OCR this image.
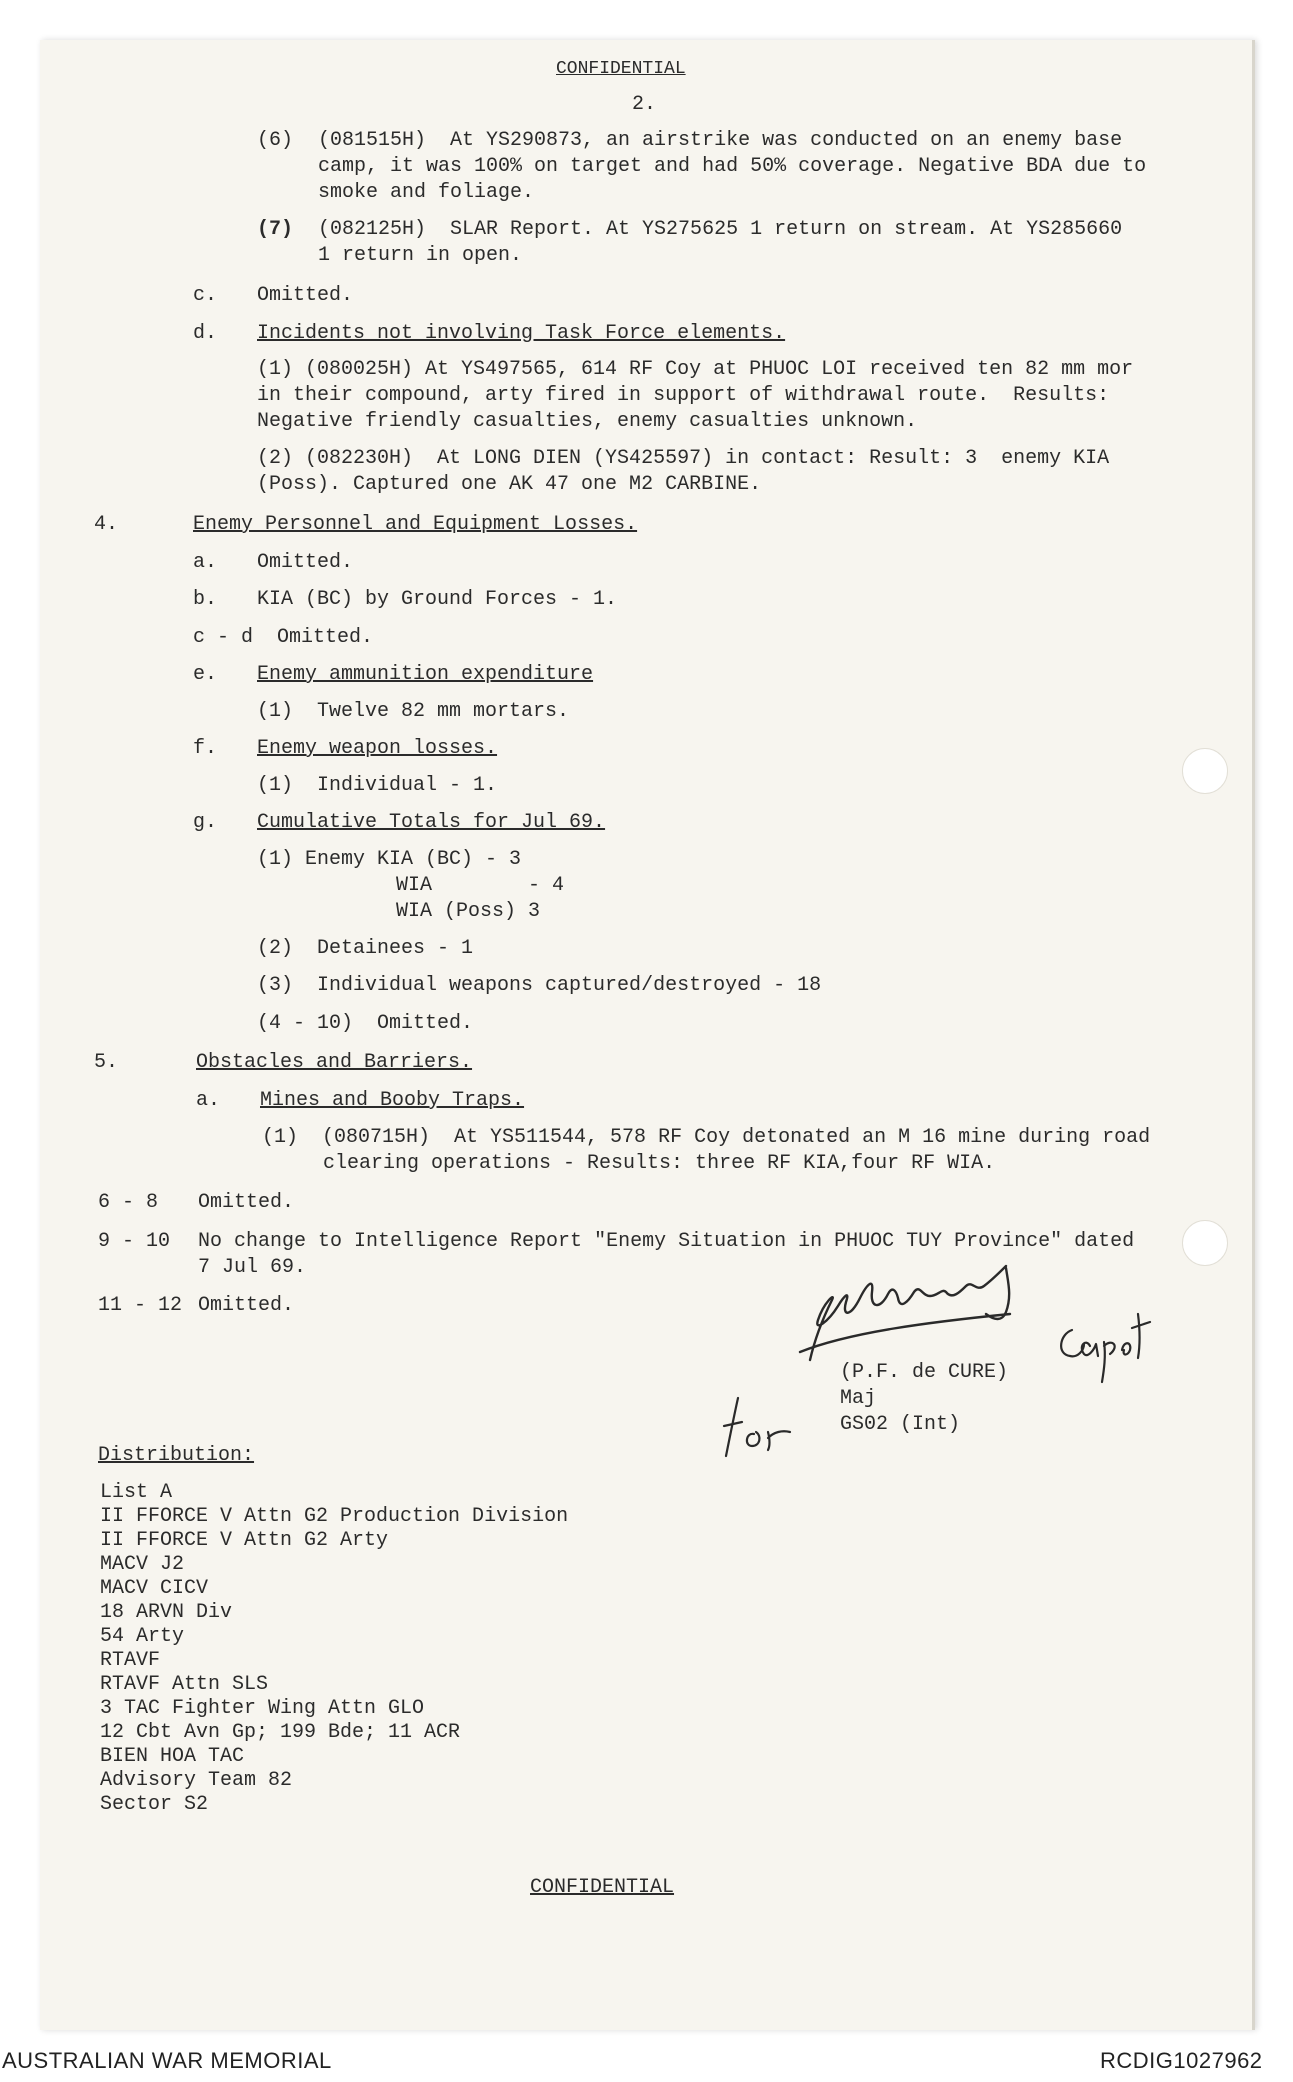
CONFIDENTIAL
2.
(6) (081515H)  At YS290873, an airstrike was conducted on an enemy base
camp, it was 100% on target and had 50% coverage. Negative BDA due to
smoke and foliage.
(7) (082125H)  SLAR Report. At YS275625 1 return on stream. At YS285660
1 return in open.
c. Omitted.
d. Incidents not involving Task Force elements.
(1) (080025H) At YS497565, 614 RF Coy at PHUOC LOI received ten 82 mm mor
in their compound, arty fired in support of withdrawal route.  Results:
Negative friendly casualties, enemy casualties unknown.
(2) (082230H)  At LONG DIEN (YS425597) in contact: Result: 3  enemy KIA
(Poss). Captured one AK 47 one M2 CARBINE.
4.	Enemy Personnel and Equipment Losses.
a. Omitted.
b. KIA (BC) by Ground Forces - 1.
c - d  Omitted.
e. Enemy ammunition expenditure
(1)  Twelve 82 mm mortars.
f. Enemy weapon losses.
(1)  Individual - 1.
g. Cumulative Totals for Jul 69.
(1) Enemy KIA (BC) - 3
WIA        - 4
WIA (Poss) 3
(2)  Detainees - 1
(3)  Individual weapons captured/destroyed - 18
(4 - 10)  Omitted.
5.	Obstacles and Barriers.
a. Mines and Booby Traps.
(1)  (080715H)  At YS511544, 578 RF Coy detonated an M 16 mine during road
clearing operations - Results: three RF KIA,four RF WIA.
6 - 8 Omitted.
9 - 10 No change to Intelligence Report "Enemy Situation in PHUOC TUY Province" dated
7 Jul 69.
11 - 12 Omitted.
(P.F. de CURE)
Maj
GS02 (Int)
Distribution:
List A
II FFORCE V Attn G2 Production Division
II FFORCE V Attn G2 Arty
MACV J2
MACV CICV
18 ARVN Div
54 Arty
RTAVF
RTAVF Attn SLS
3 TAC Fighter Wing Attn GLO
12 Cbt Avn Gp; 199 Bde; 11 ACR
BIEN HOA TAC
Advisory Team 82
Sector S2
CONFIDENTIAL
AUSTRALIAN WAR MEMORIAL	RCDIG1027962
